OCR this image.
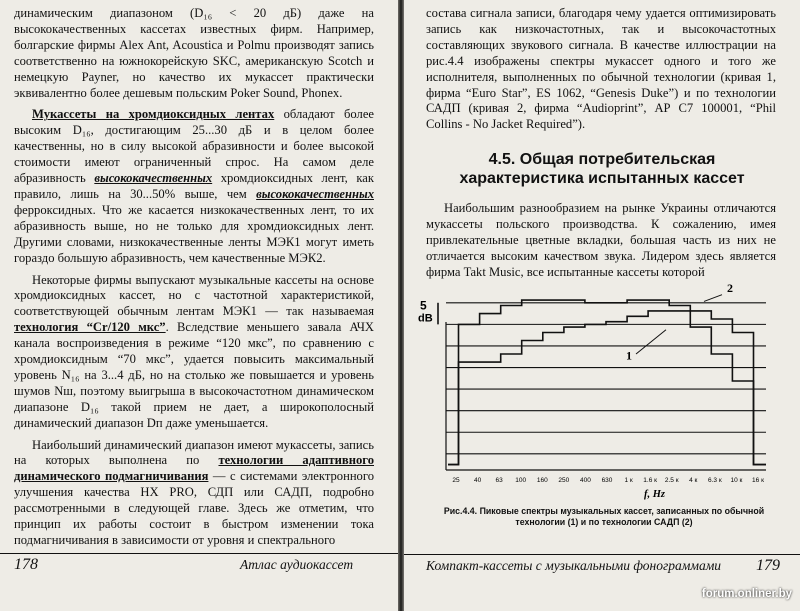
динамическим диапазоном (D₁₆ < 20 дБ) даже на высококачественных кассетах известных фирм. Например, болгарские фирмы Alex Ant, Acoustica и Polmu производят запись соответственно на южнокорейскую SKC, американскую Scotch и немецкую Payner, но качество их мукассет практически эквивалентно более дешевым польским Poker Sound, Phonex.

Мукассеты на хромдиоксидных лентах обладают более высоким D₁₆, достигающим 25...30 дБ и в целом более качественны, но в силу высокой абразивности и более высокой стоимости имеют ограниченный спрос. На самом деле абразивность высококачественных хромдиоксидных лент, как правило, лишь на 30...50% выше, чем высококачественных ферроксидных. Что же касается низкокачественных лент, то их абразивность выше, но не только для хромдиоксидных лент. Другими словами, низкокачественные ленты МЭК1 могут иметь гораздо большую абразивность, чем качественные МЭК2.

Некоторые фирмы выпускают музыкальные кассеты на основе хромдиоксидных кассет, но с частотной характеристикой, соответствующей обычным лентам МЭК1 — так называемая технология “Cr/120 мкс”. Вследствие меньшего завала АЧХ канала воспроизведения в режиме “120 мкс”, по сравнению с хромдиоксидным “70 мкс”, удается повысить максимальный уровень N₁₆ на 3...4 дБ, но на столько же повышается и уровень шумов Nш, поэтому выигрыша в высокочастотном динамическом диапазоне D₁₆ такой прием не дает, а широкополосный динамический диапазон Dп даже уменьшается.

Наибольший динамический диапазон имеют мукассеты, запись на которых выполнена по технологии адаптивного динамического подмагничивания — с системами электронного улучшения качества HX PRO, СДП или САДП, подробно рассмотренными в следующей главе. Здесь же отметим, что принцип их работы состоит в быстром изменении тока подмагничивания в зависимости от уровня и спектрального

178	Атлас аудиокассет

состава сигнала записи, благодаря чему удается оптимизировать запись как низкочастотных, так и высокочастотных составляющих звукового сигнала. В качестве иллюстрации на рис.4.4 изображены спектры мукассет одного и того же исполнителя, выполненных по обычной технологии (кривая 1, фирма “Euro Star”, ES 1062, “Genesis Duke”) и по технологии САДП (кривая 2, фирма “Audioprint”, АР С7 100001, “Phil Collins - No Jacket Required”).

4.5. Общая потребительская характеристика испытанных кассет

Наибольшим разнообразием на рынке Украины отличаются мукассеты польского производства. К сожалению, имея привлекательные цветные вкладки, большая часть из них не отличается высоким качеством звука. Лидером здесь является фирма Takt Music, все испытанные кассеты которой

5
dB
25 40 63 100 160 250 400 630 1 к 1.6 к 2.5 к 4 к 6.3 к 10 к 16 к
f, Hz
1
2
Рис.4.4. Пиковые спектры музыкальных кассет, записанных по обычной технологии (1) и по технологии САДП (2)
Компакт-кассеты с музыкальными фонограммами 179
forum.onliner.by
